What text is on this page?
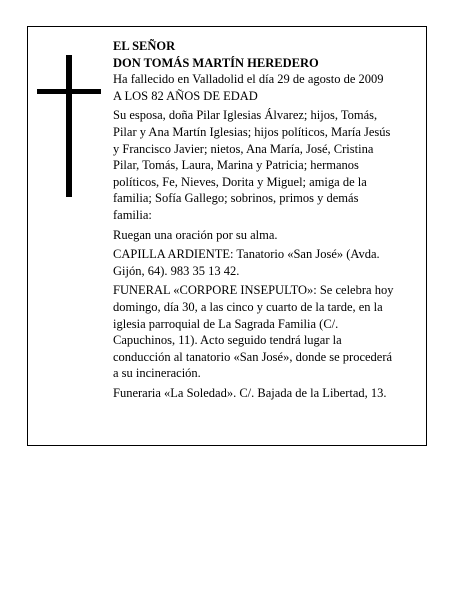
EL SEÑOR

DON TOMÁS MARTÍN HEREDERO

Ha fallecido en Valladolid el día 29 de agosto de 2009

A LOS 82 AÑOS DE EDAD

Su esposa, doña Pilar Iglesias Álvarez; hijos, Tomás,

Pilar y Ana Martín Iglesias; hijos políticos, María Jesús

y Francisco Javier; nietos, Ana María, José, Cristina

Pilar, Tomás, Laura, Marina y Patricia; hermanos

políticos, Fe, Nieves, Dorita y Miguel; amiga de la

familia; Sofía Gallego; sobrinos, primos y demás

familia:

Ruegan una oración por su alma.

CAPILLA ARDIENTE: Tanatorio «San José» (Avda.

Gijón, 64). 983 35 13 42.

FUNERAL «CORPORE INSEPULTO»: Se celebra hoy

domingo, día 30, a las cinco y cuarto de la tarde, en la

iglesia parroquial de La Sagrada Familia (C/.

Capuchinos, 11). Acto seguido tendrá lugar la

conducción al tanatorio «San José», donde se procederá

a su incineración.

Funeraria «La Soledad». C/. Bajada de la Libertad, 13.
